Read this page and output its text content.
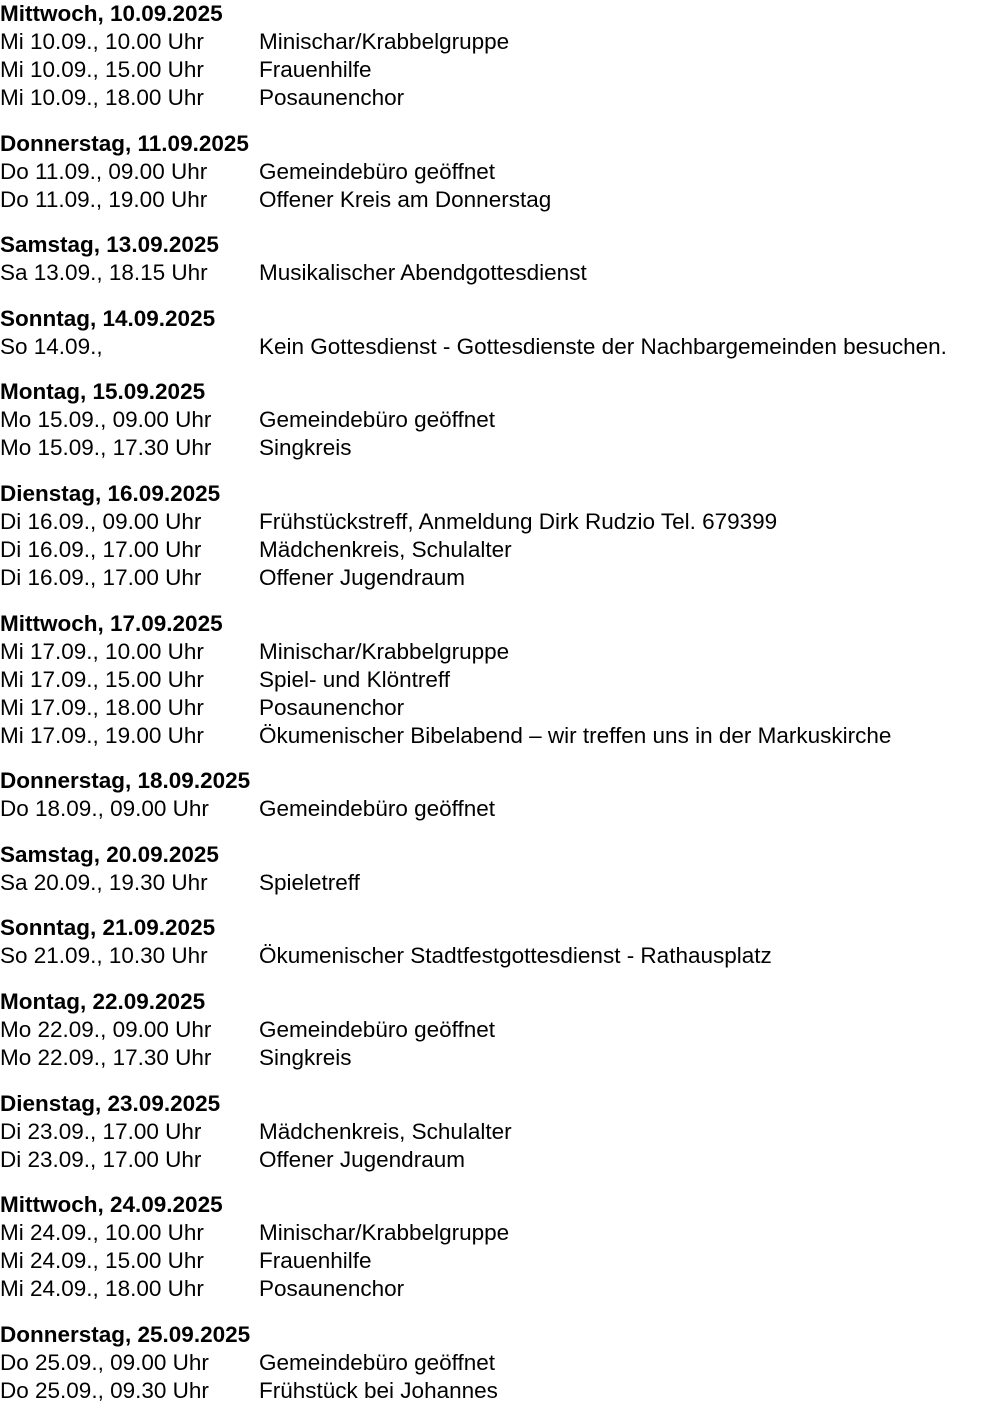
Mittwoch, 10.09.2025
Mi 10.09., 10.00 Uhr	Minischar/Krabbelgruppe
Mi 10.09., 15.00 Uhr	Frauenhilfe
Mi 10.09., 18.00 Uhr	Posaunenchor
Donnerstag, 11.09.2025
Do 11.09., 09.00 Uhr	Gemeindebüro geöffnet
Do 11.09., 19.00 Uhr	Offener Kreis am Donnerstag
Samstag, 13.09.2025
Sa 13.09., 18.15 Uhr	Musikalischer Abendgottesdienst
Sonntag, 14.09.2025
So 14.09.,	Kein Gottesdienst - Gottesdienste der Nachbargemeinden besuchen.
Montag, 15.09.2025
Mo 15.09., 09.00 Uhr	Gemeindebüro geöffnet
Mo 15.09., 17.30 Uhr	Singkreis
Dienstag, 16.09.2025
Di 16.09., 09.00 Uhr	Frühstückstreff, Anmeldung Dirk Rudzio Tel. 679399
Di 16.09., 17.00 Uhr	Mädchenkreis, Schulalter
Di 16.09., 17.00 Uhr	Offener Jugendraum
Mittwoch, 17.09.2025
Mi 17.09., 10.00 Uhr	Minischar/Krabbelgruppe
Mi 17.09., 15.00 Uhr	Spiel- und Klöntreff
Mi 17.09., 18.00 Uhr	Posaunenchor
Mi 17.09., 19.00 Uhr	Ökumenischer Bibelabend – wir treffen uns in der Markuskirche
Donnerstag, 18.09.2025
Do 18.09., 09.00 Uhr	Gemeindebüro geöffnet
Samstag, 20.09.2025
Sa 20.09., 19.30 Uhr	Spieletreff
Sonntag, 21.09.2025
So 21.09., 10.30 Uhr	Ökumenischer Stadtfestgottesdienst - Rathausplatz
Montag, 22.09.2025
Mo 22.09., 09.00 Uhr	Gemeindebüro geöffnet
Mo 22.09., 17.30 Uhr	Singkreis
Dienstag, 23.09.2025
Di 23.09., 17.00 Uhr	Mädchenkreis, Schulalter
Di 23.09., 17.00 Uhr	Offener Jugendraum
Mittwoch, 24.09.2025
Mi 24.09., 10.00 Uhr	Minischar/Krabbelgruppe
Mi 24.09., 15.00 Uhr	Frauenhilfe
Mi 24.09., 18.00 Uhr	Posaunenchor
Donnerstag, 25.09.2025
Do 25.09., 09.00 Uhr	Gemeindebüro geöffnet
Do 25.09., 09.30 Uhr	Frühstück bei Johannes
